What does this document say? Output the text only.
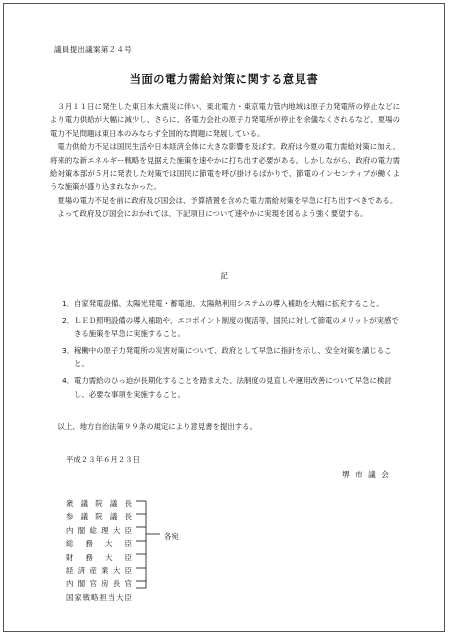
議員提出議案第２４号
当面の電力需給対策に関する意見書

３月１１日に発生した東日本大震災に伴い、東北電力・東京電力管内地域は原子力発電所の停止などにより電力供給が大幅に減少し、さらに、各電力会社の原子力発電所が停止を余儀なくされるなど、夏場の電力不足問題は東日本のみならず全国的な問題に発展している。

電力供給力不足は国民生活や日本経済全体に大きな影響を及ぼす。政府は今夏の電力需給対策に加え、将来的な新エネルギー戦略を見据えた施策を速やかに打ち出す必要がある。しかしながら、政府の電力需給対策本部が５月に発表した対策では国民に節電を呼び掛けるばかりで、節電のインセンティブが働くような施策が盛り込まれなかった。

夏場の電力不足を前に政府及び国会は、予算措置を含めた電力需給対策を早急に打ち出すべきである。

よって政府及び国会におかれては、下記項目について速やかに実現を図るよう強く要望する。

記
1． 自家発電設備、太陽光発電・蓄電池、太陽熱利用システムの導入補助を大幅に拡充すること。
2． ＬＥＤ照明設備の導入補助や、エコポイント制度の復活等、国民に対して節電のメリットが実感できる施策を早急に実施すること。
3． 稼働中の原子力発電所の災害対策について、政府として早急に指針を示し、安全対策を講じること。
4． 電力需給のひっ迫が長期化することを踏まえた、法制度の見直しや運用改善について早急に検討し、必要な事項を実施すること。
以上、地方自治法第９９条の規定により意見書を提出する。
平成２３年６月２３日
堺市議会
衆 議 院 議 長
参 議 院 議 長
内 閣 総 理 大 臣
総 務 大 臣
財 務 大 臣
経 済 産 業 大 臣
内 閣 官 房 長 官
国 家 戦 略 担 当 大 臣
各宛
